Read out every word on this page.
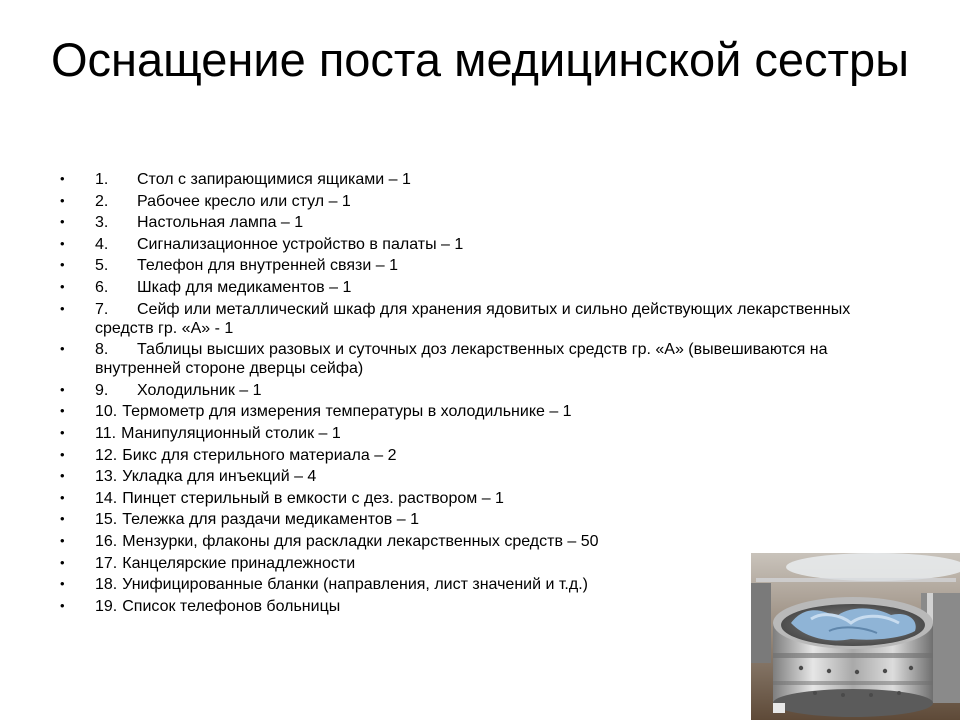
Оснащение поста медицинской сестры
• 1. Стол с запирающимися ящиками – 1
• 2. Рабочее кресло или стул – 1
• 3. Настольная лампа – 1
• 4. Сигнализационное устройство в палаты – 1
• 5. Телефон для внутренней связи – 1
• 6. Шкаф для медикаментов – 1
• 7. Сейф или металлический шкаф для хранения ядовитых и сильно действующих лекарственных средств гр. «А» - 1
• 8. Таблицы высших разовых и суточных доз лекарственных средств гр. «А» (вывешиваются на внутренней стороне дверцы сейфа)
• 9. Холодильник – 1
• 10. Термометр для измерения температуры в холодильнике – 1
• 11. Манипуляционный столик – 1
• 12. Бикс для стерильного материала – 2
• 13. Укладка для инъекций – 4
• 14. Пинцет стерильный в емкости с дез. раствором – 1
• 15. Тележка для раздачи медикаментов – 1
• 16. Мензурки, флаконы для раскладки лекарственных средств – 50
• 17. Канцелярские принадлежности
• 18. Унифицированные бланки (направления, лист значений и т.д.)
• 19. Список телефонов больницы
